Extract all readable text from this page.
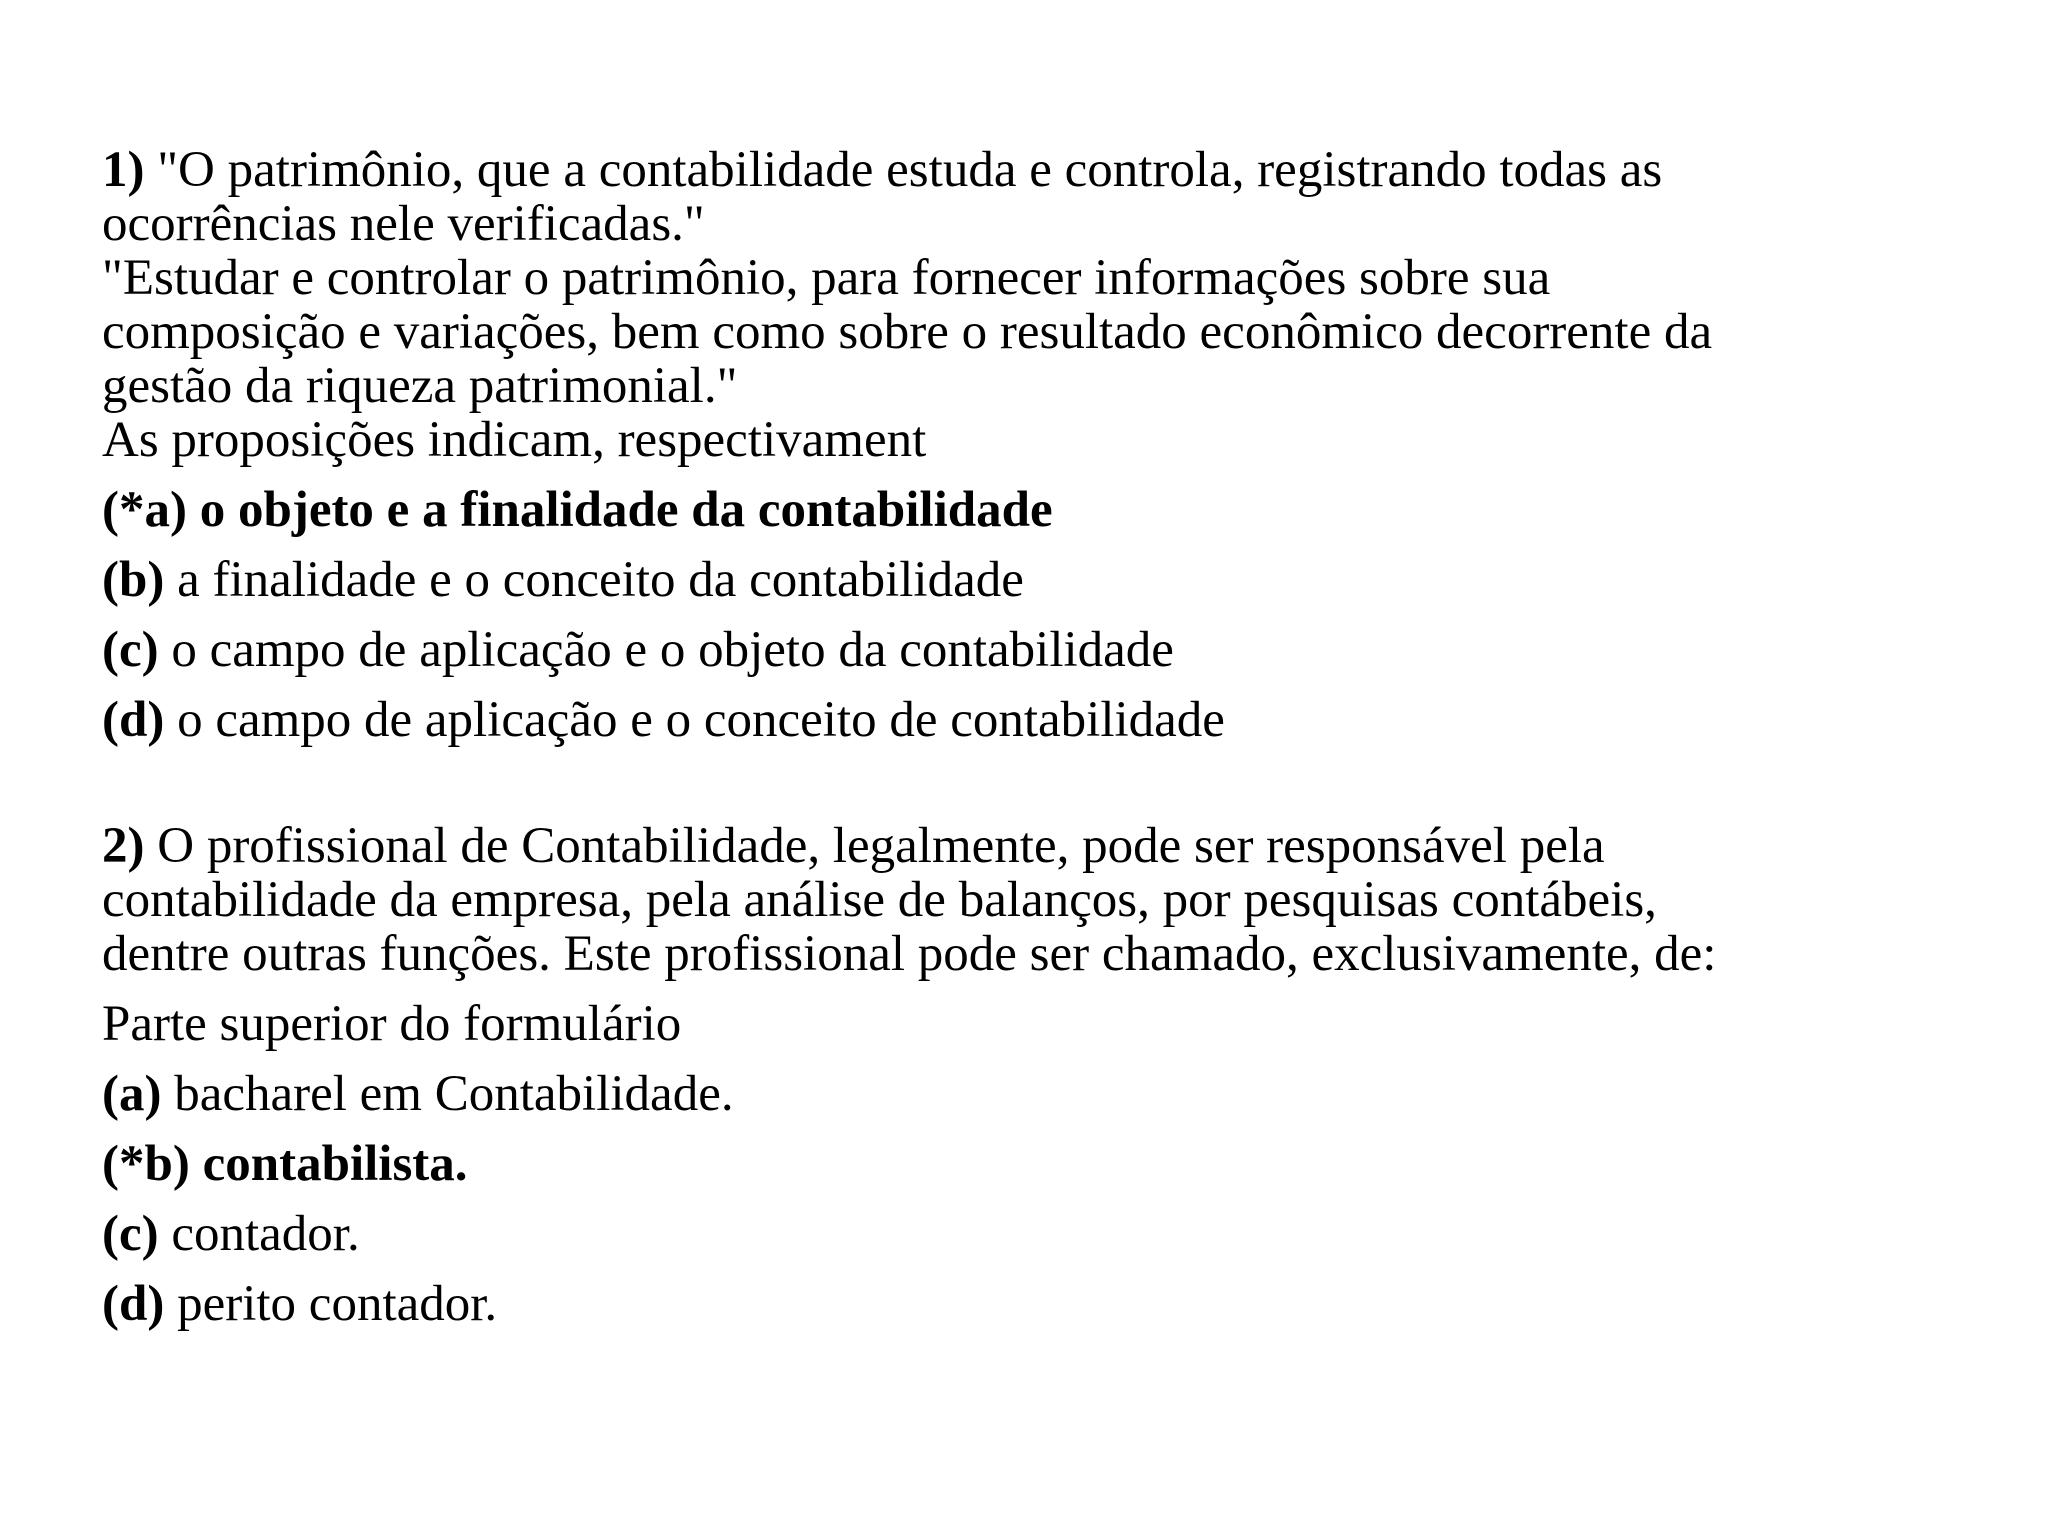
1) "O patrimônio, que a contabilidade estuda e controla, registrando todas as
ocorrências nele verificadas."
"Estudar e controlar o patrimônio, para fornecer informações sobre sua
composição e variações, bem como sobre o resultado econômico decorrente da
gestão da riqueza patrimonial."
As proposições indicam, respectivament
(*a) o objeto e a finalidade da contabilidade
(b) a finalidade e o conceito da contabilidade
(c) o campo de aplicação e o objeto da contabilidade
(d) o campo de aplicação e o conceito de contabilidade
2) O profissional de Contabilidade, legalmente, pode ser responsável pela
contabilidade da empresa, pela análise de balanços, por pesquisas contábeis,
dentre outras funções. Este profissional pode ser chamado, exclusivamente, de:
Parte superior do formulário
(a) bacharel em Contabilidade.
(*b) contabilista.
(c) contador.
(d) perito contador.
